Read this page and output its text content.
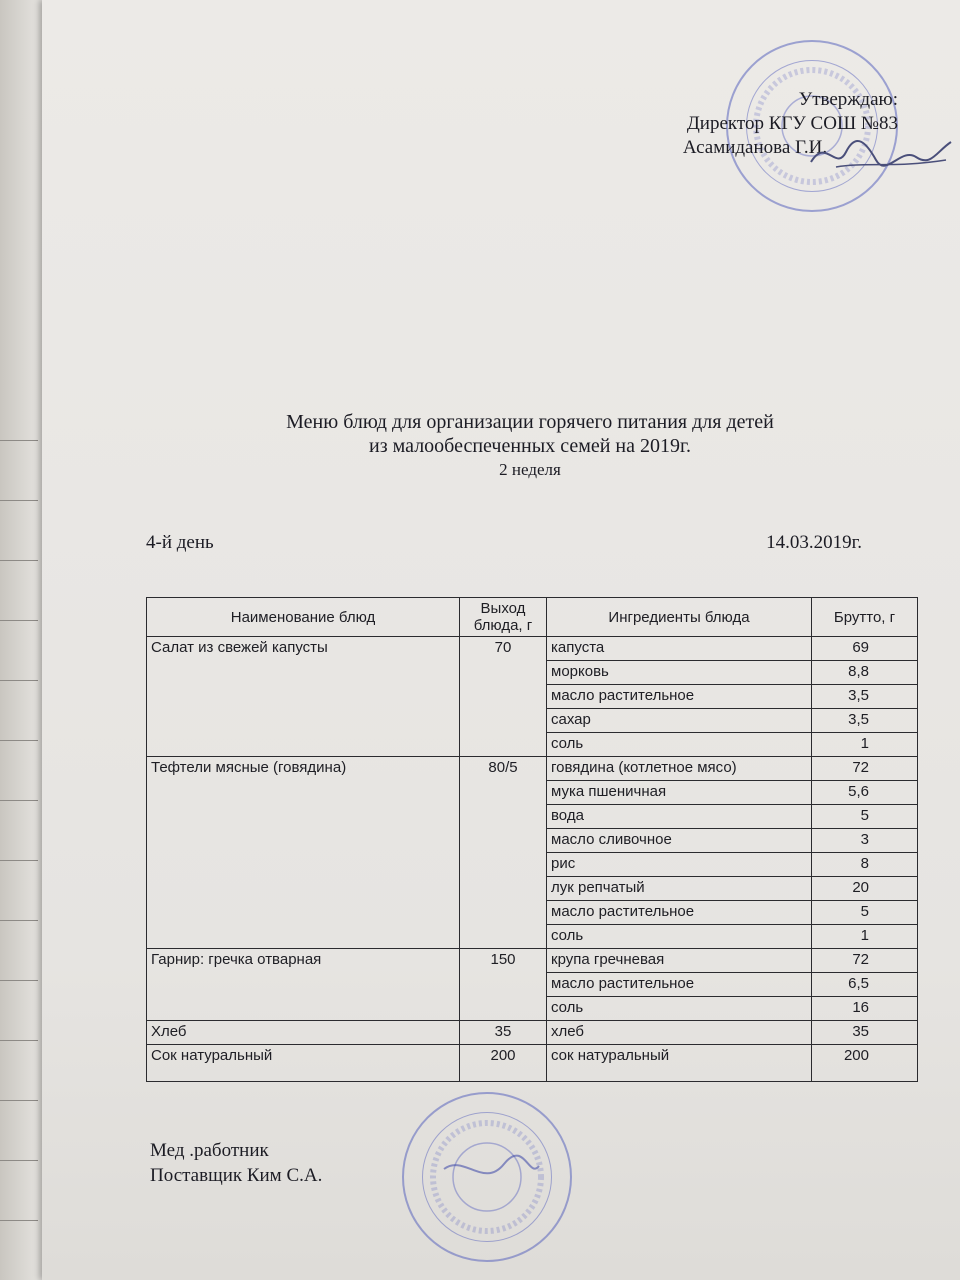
Утверждаю:
Директор КГУ СОШ №83
Асамиданова Г.И.
Меню блюд для организации горячего питания для детей
из малообеспеченных семей на 2019г.
2 неделя
4-й день	14.03.2019г.
Наименование блюд	Выход блюда, г	Ингредиенты блюда	Брутто, г
Салат из свежей капусты	70	капуста	69
		морковь	8,8
		масло растительное	3,5
		сахар	3,5
		соль	1
Тефтели мясные (говядина)	80/5	говядина (котлетное мясо)	72
		мука пшеничная	5,6
		вода	5
		масло сливочное	3
		рис	8
		лук репчатый	20
		масло растительное	5
		соль	1
Гарнир: гречка отварная	150	крупа гречневая	72
		масло растительное	6,5
		соль	16
Хлеб	35	хлеб	35
Сок натуральный	200	сок натуральный	200
Мед .работник
Поставщик Ким С.А.
